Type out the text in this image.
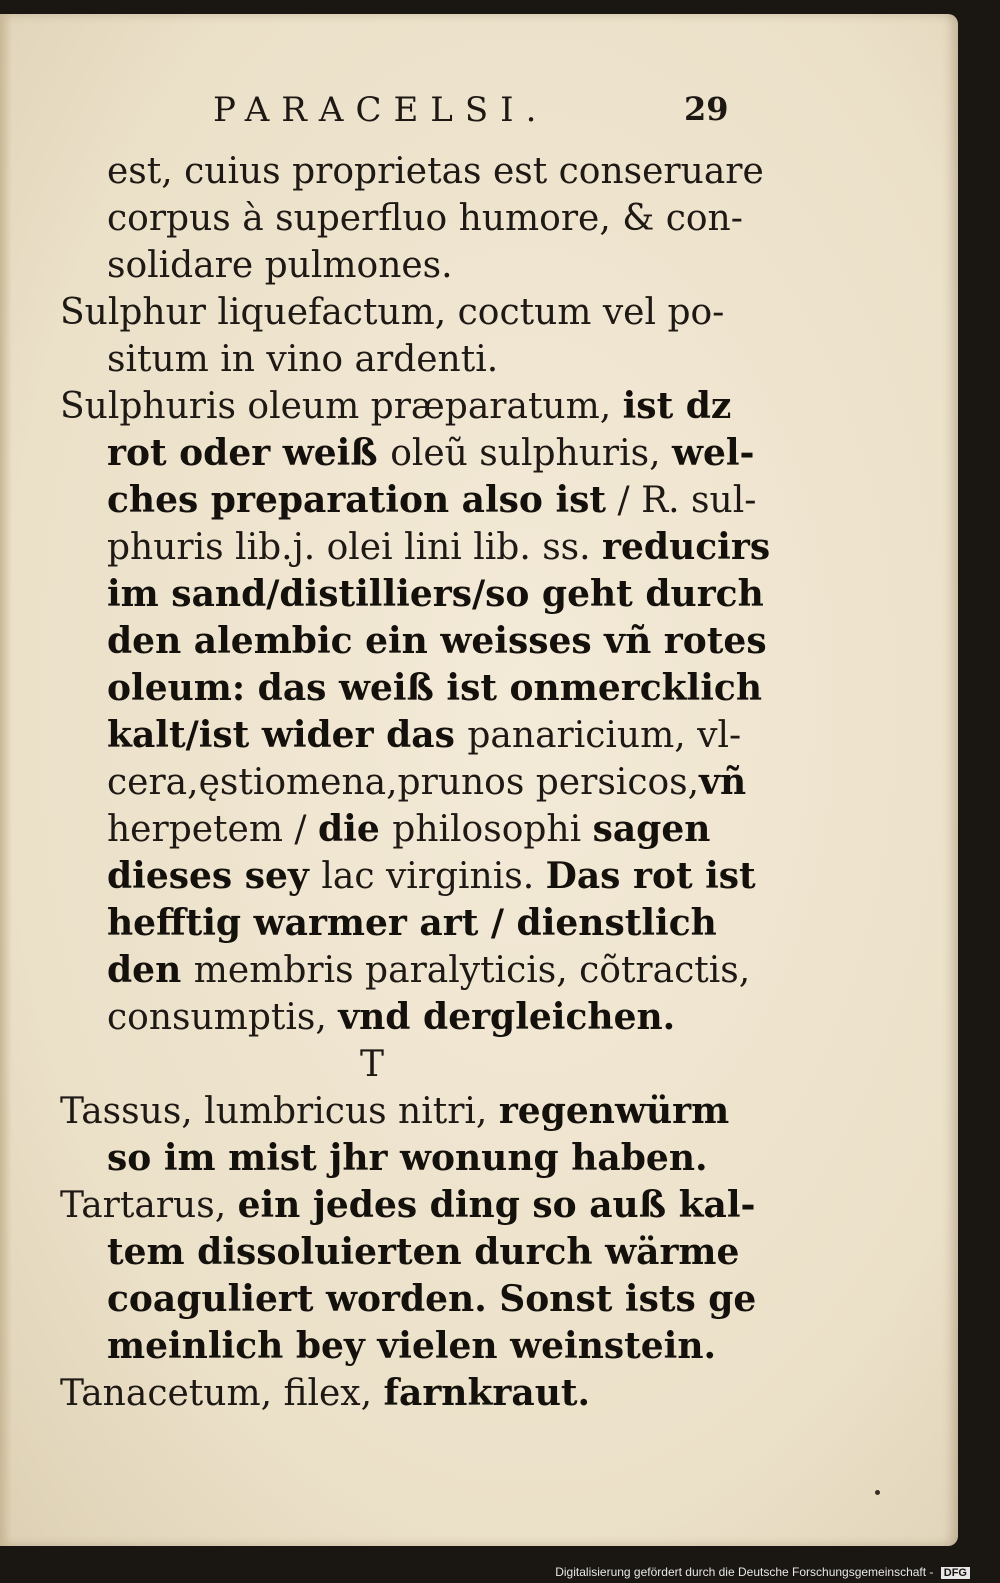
PARACELSI.	29
est, cuius proprietas est conseruare
corpus à superfluo humore, & con-
solidare pulmones.
Sulphur liquefactum, coctum vel po-
situm in vino ardenti.
Sulphuris oleum præparatum, ist dz
rot oder weiß oleũ sulphuris, wel-
ches preparation also ist / R. sul-
phuris lib.j. olei lini lib. ss. reducirs
im sand/distilliers/so geht durch
den alembic ein weisses vñ rotes
oleum: das weiß ist onmercklich
kalt/ist wider das panaricium, vl-
cera,ęstiomena,prunos persicos,vñ
herpetem / die philosophi sagen
dieses sey lac virginis. Das rot ist
hefftig warmer art / dienstlich
den membris paralyticis, cõtractis,
consumptis, vnd dergleichen.
T
Tassus, lumbricus nitri, regenwürm
so im mist jhr wonung haben.
Tartarus, ein jedes ding so auß kal-
tem dissoluierten durch wärme
coaguliert worden. Sonst ists ge
meinlich bey vielen weinstein.
Tanacetum, filex, farnkraut.
Digitalisierung gefördert durch die Deutsche Forschungsgemeinschaft - DFG
